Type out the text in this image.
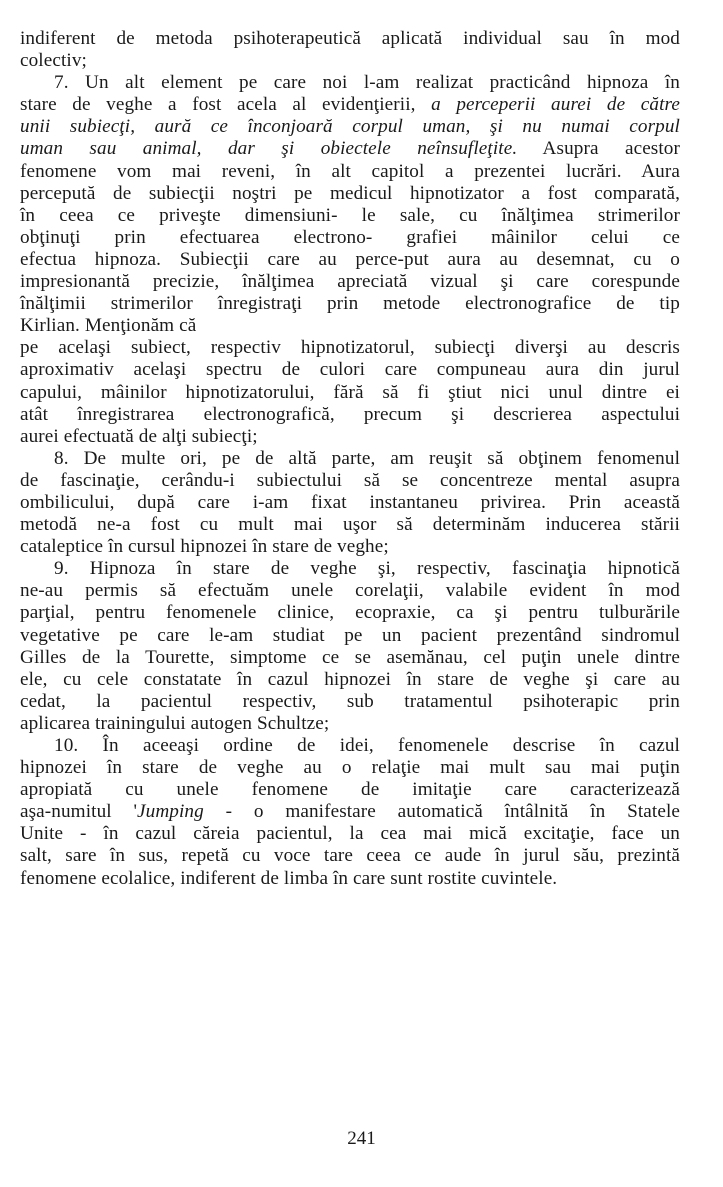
indiferent de metoda psihoterapeutică aplicată individual sau în mod
colectiv;
7. Un alt element pe care noi l-am realizat practicând hipnoza în
stare de veghe a fost acela al evidenţierii, a perceperii aurei de către
unii subiecţi, aură ce înconjoară corpul uman, şi nu numai corpul
uman sau animal, dar şi obiectele neînsufleţite. Asupra acestor
fenomene vom mai reveni, în alt capitol a prezentei lucrări. Aura
percepută de subiecţii noştri pe medicul hipnotizator a fost comparată,
în ceea ce priveşte dimensiuni- le sale, cu înălţimea strimerilor
obţinuţi prin efectuarea electrono- grafiei mâinilor celui ce
efectua hipnoza. Subiecţii care au perce-put aura au desemnat, cu o
impresionantă precizie, înălţimea apreciată vizual şi care corespunde
înălţimii strimerilor înregistraţi prin metode electronografice de tip
Kirlian. Menţionăm că
pe acelaşi subiect, respectiv hipnotizatorul, subiecţi diverşi au descris
aproximativ acelaşi spectru de culori care compuneau aura din jurul
capului, mâinilor hipnotizatorului, fără să fi ştiut nici unul dintre ei
atât înregistrarea electronografică, precum şi descrierea aspectului
aurei efectuată de alţi subiecţi;
8. De multe ori, pe de altă parte, am reuşit să obţinem fenomenul
de fascinaţie, cerându-i subiectului să se concentreze mental asupra
ombilicului, după care i-am fixat instantaneu privirea. Prin această
metodă ne-a fost cu mult mai uşor să determinăm inducerea stării
cataleptice în cursul hipnozei în stare de veghe;
9. Hipnoza în stare de veghe şi, respectiv, fascinaţia hipnotică
ne-au permis să efectuăm unele corelaţii, valabile evident în mod
parţial, pentru fenomenele clinice, ecopraxie, ca şi pentru tulburările
vegetative pe care le-am studiat pe un pacient prezentând sindromul
Gilles de la Tourette, simptome ce se asemănau, cel puţin unele dintre
ele, cu cele constatate în cazul hipnozei în stare de veghe şi care au
cedat, la pacientul respectiv, sub tratamentul psihoterapic prin
aplicarea trainingului autogen Schultze;
10. În aceeaşi ordine de idei, fenomenele descrise în cazul
hipnozei în stare de veghe au o relaţie mai mult sau mai puţin
apropiată cu unele fenomene de imitaţie care caracterizează
aşa-numitul 'Jumping - o manifestare automatică întâlnită în Statele
Unite - în cazul căreia pacientul, la cea mai mică excitaţie, face un
salt, sare în sus, repetă cu voce tare ceea ce aude în jurul său, prezintă
fenomene ecolalice, indiferent de limba în care sunt rostite cuvintele.
241
